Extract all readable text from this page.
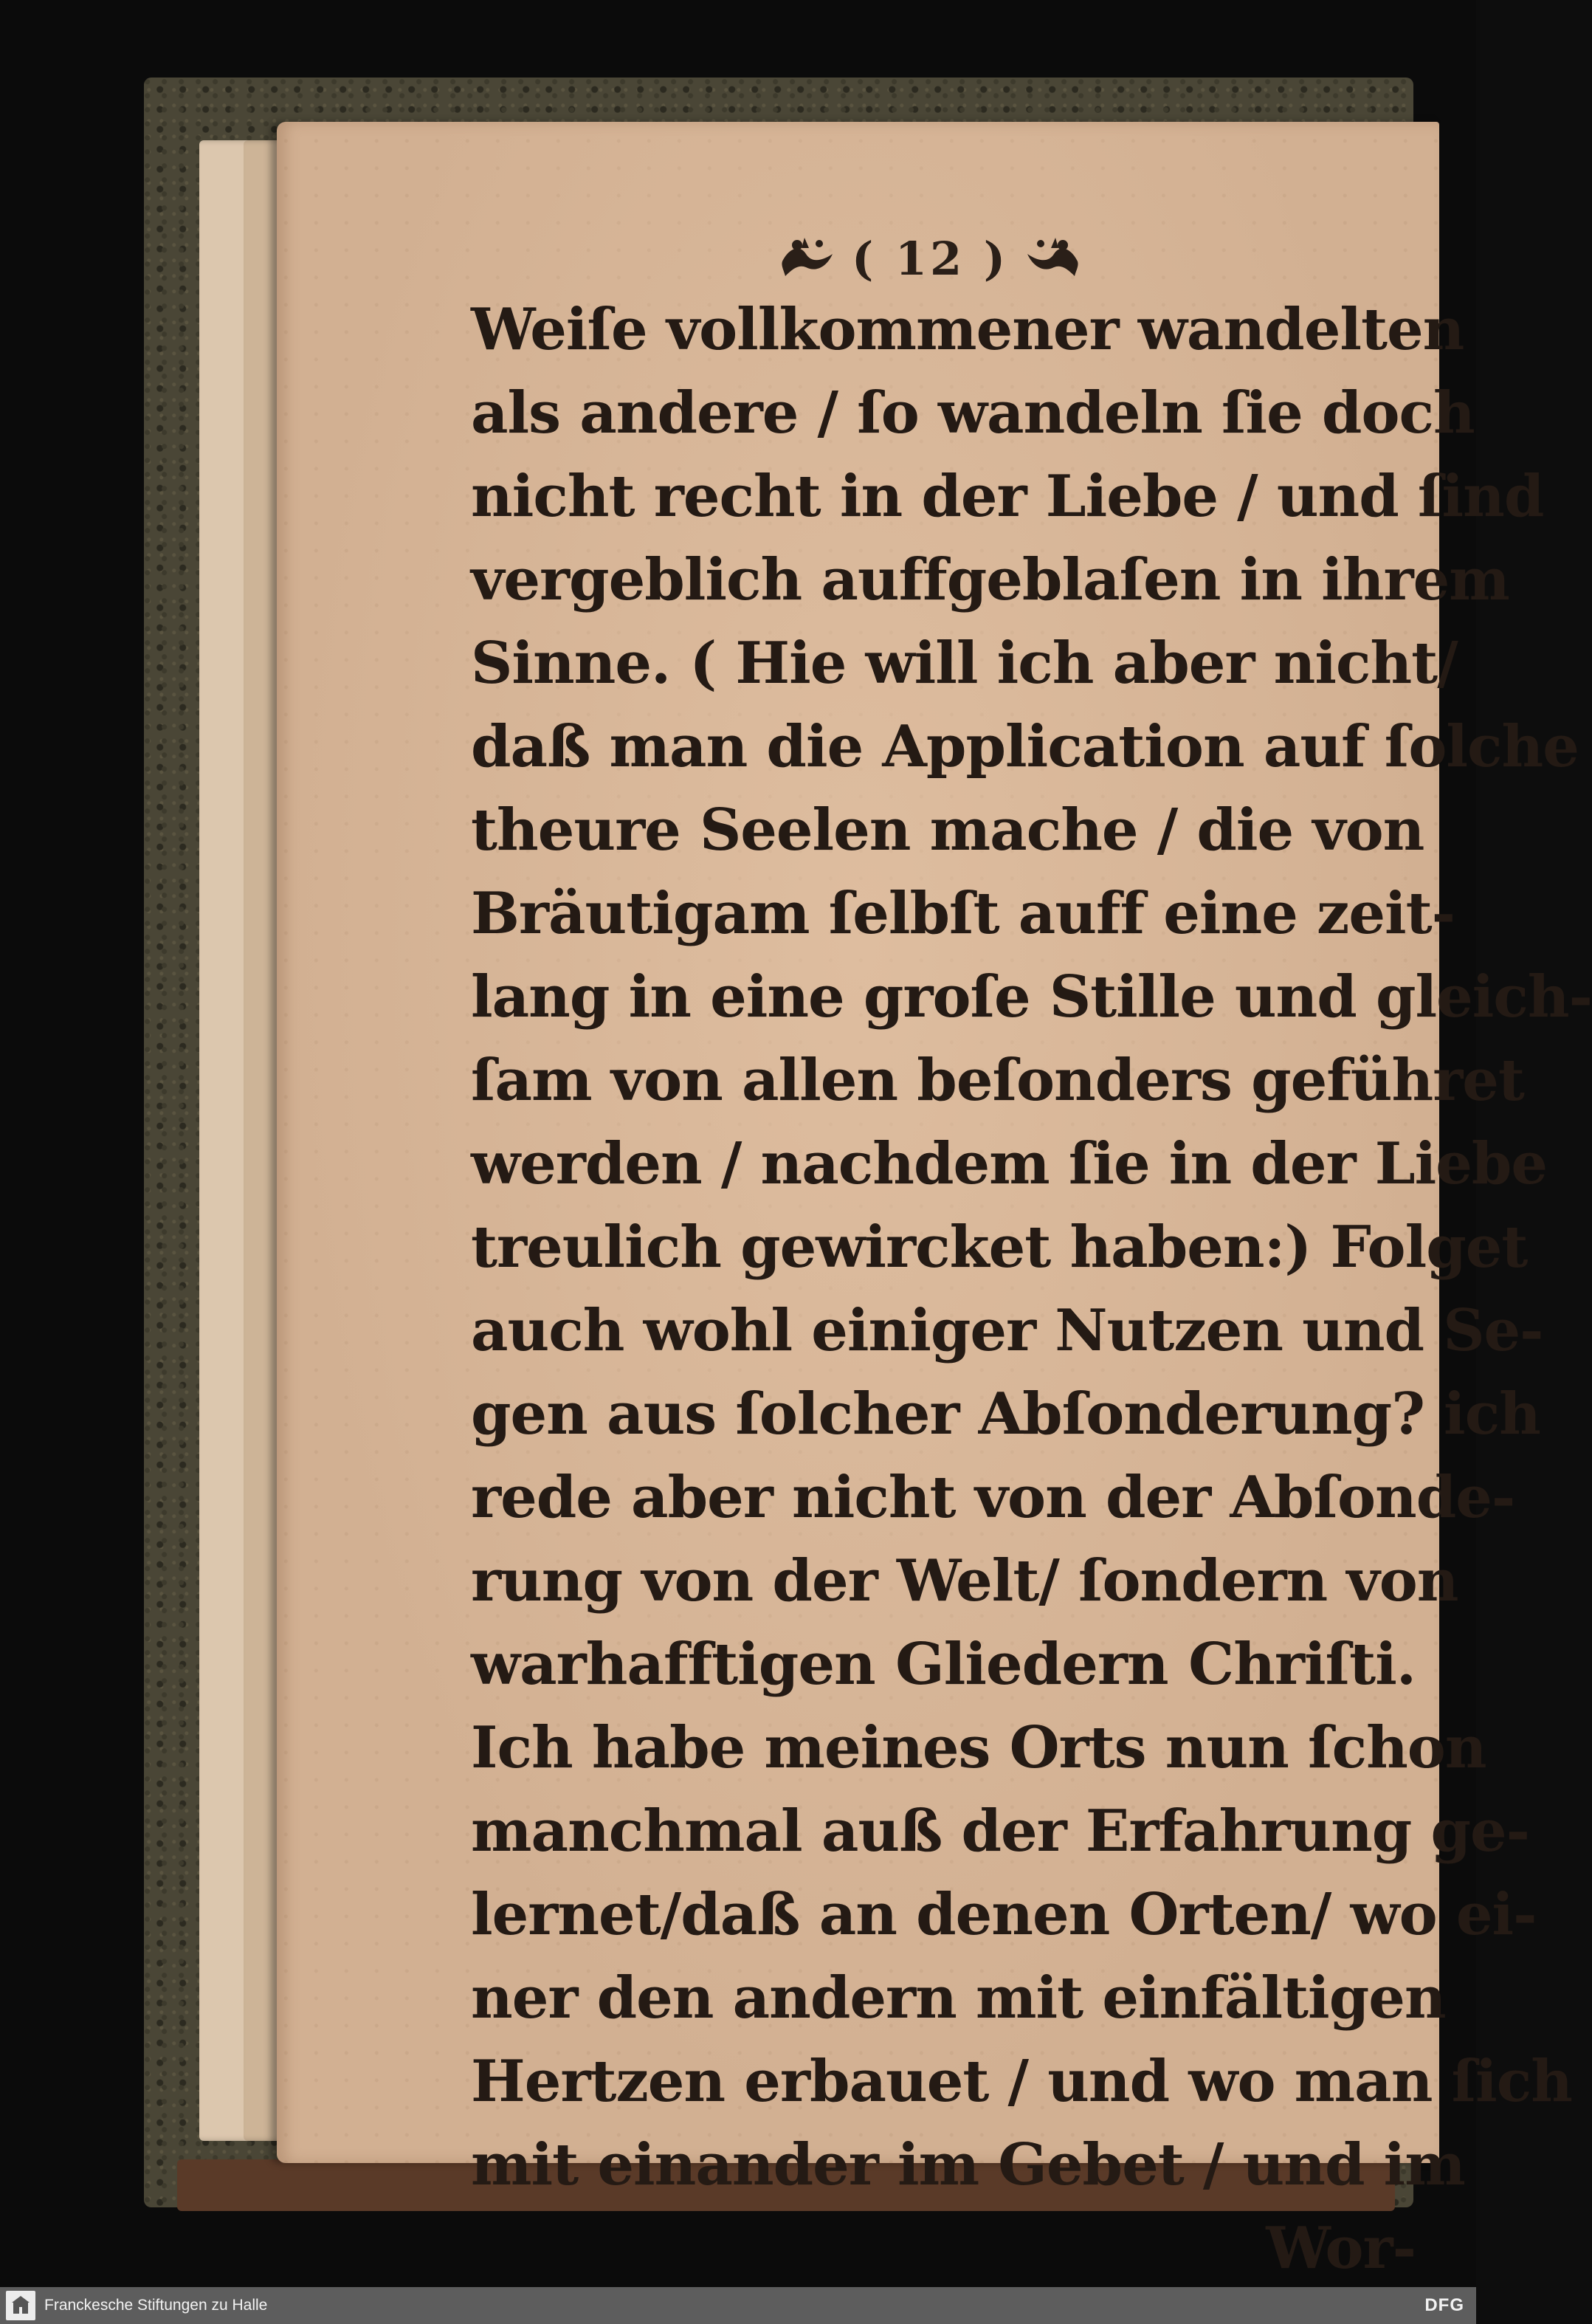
( 12 )
Weiſe vollkommener wandelten
als andere / ſo wandeln ſie doch
nicht recht in der Liebe / und ſind
vergeblich auffgeblaſen in ihrem
Sinne. ( Hie will ich aber nicht/
daß man die Application auf ſolche
theure Seelen mache / die von
Bräutigam ſelbſt auff eine zeit-
lang in eine groſe Stille und gleich-
ſam von allen beſonders geführet
werden / nachdem ſie in der Liebe
treulich gewircket haben:) Folget
auch wohl einiger Nutzen und Se-
gen aus ſolcher Abſonderung? ich
rede aber nicht von der Abſonde-
rung von der Welt/ ſondern von
warhafftigen Gliedern Chriſti.
Ich habe meines Orts nun ſchon
manchmal auß der Erfahrung ge-
lernet/daß an denen Orten/ wo ei-
ner den andern mit einfältigen
Hertzen erbauet / und wo man ſich
mit einander im Gebet / und im
Wor-
Franckesche Stiftungen zu Halle	DFG
